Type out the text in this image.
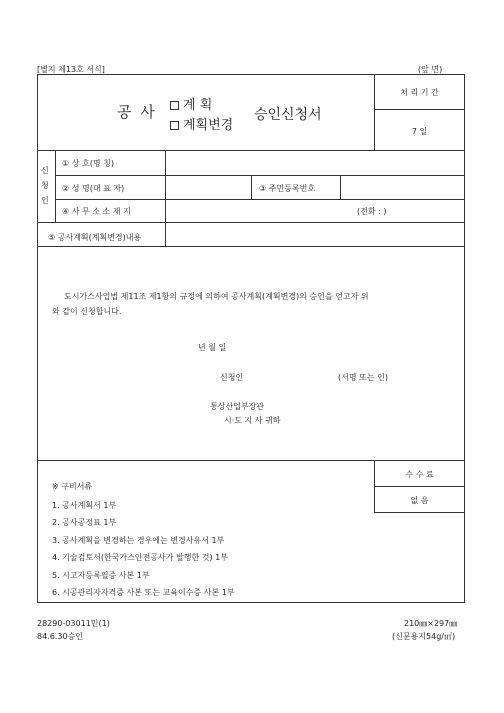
[별지 제13호 서식]	(앞 면)
공 사	계 획
계획변경
승인신청서
처 리 기 간
7 일
신
청
인
① 상 호(명 칭)
② 성 명(대 표 자)	③ 주민등록번호
④ 사 무 소 소 재 지	(전화 : )
⑤ 공사계획(계획변경)내용
도시가스사업법 제11조 제1항의 규정에 의하여 공사계획(계획변경)의 승인을 얻고자 위
와 같이 신청합니다.
년 월 일
신청인	(서명 또는 인)
통상산업부장관
시·도 지 사 귀하
수 수 료
없 음
※ 구비서류
1. 공사계획서 1부
2. 공사공정표 1부
3. 공사계획을 변경하는 경우에는 변경사유서 1부
4. 기술검토서(한국가스안전공사가 발행한 것) 1부
5. 시고자등록필증 사본 1부
6. 시공관리자자격증 사본 또는 교육이수증 사본 1부
28290-03011민(1)
84.6.30승인
210㎜×297㎜
(신문용지54g/㎡)
